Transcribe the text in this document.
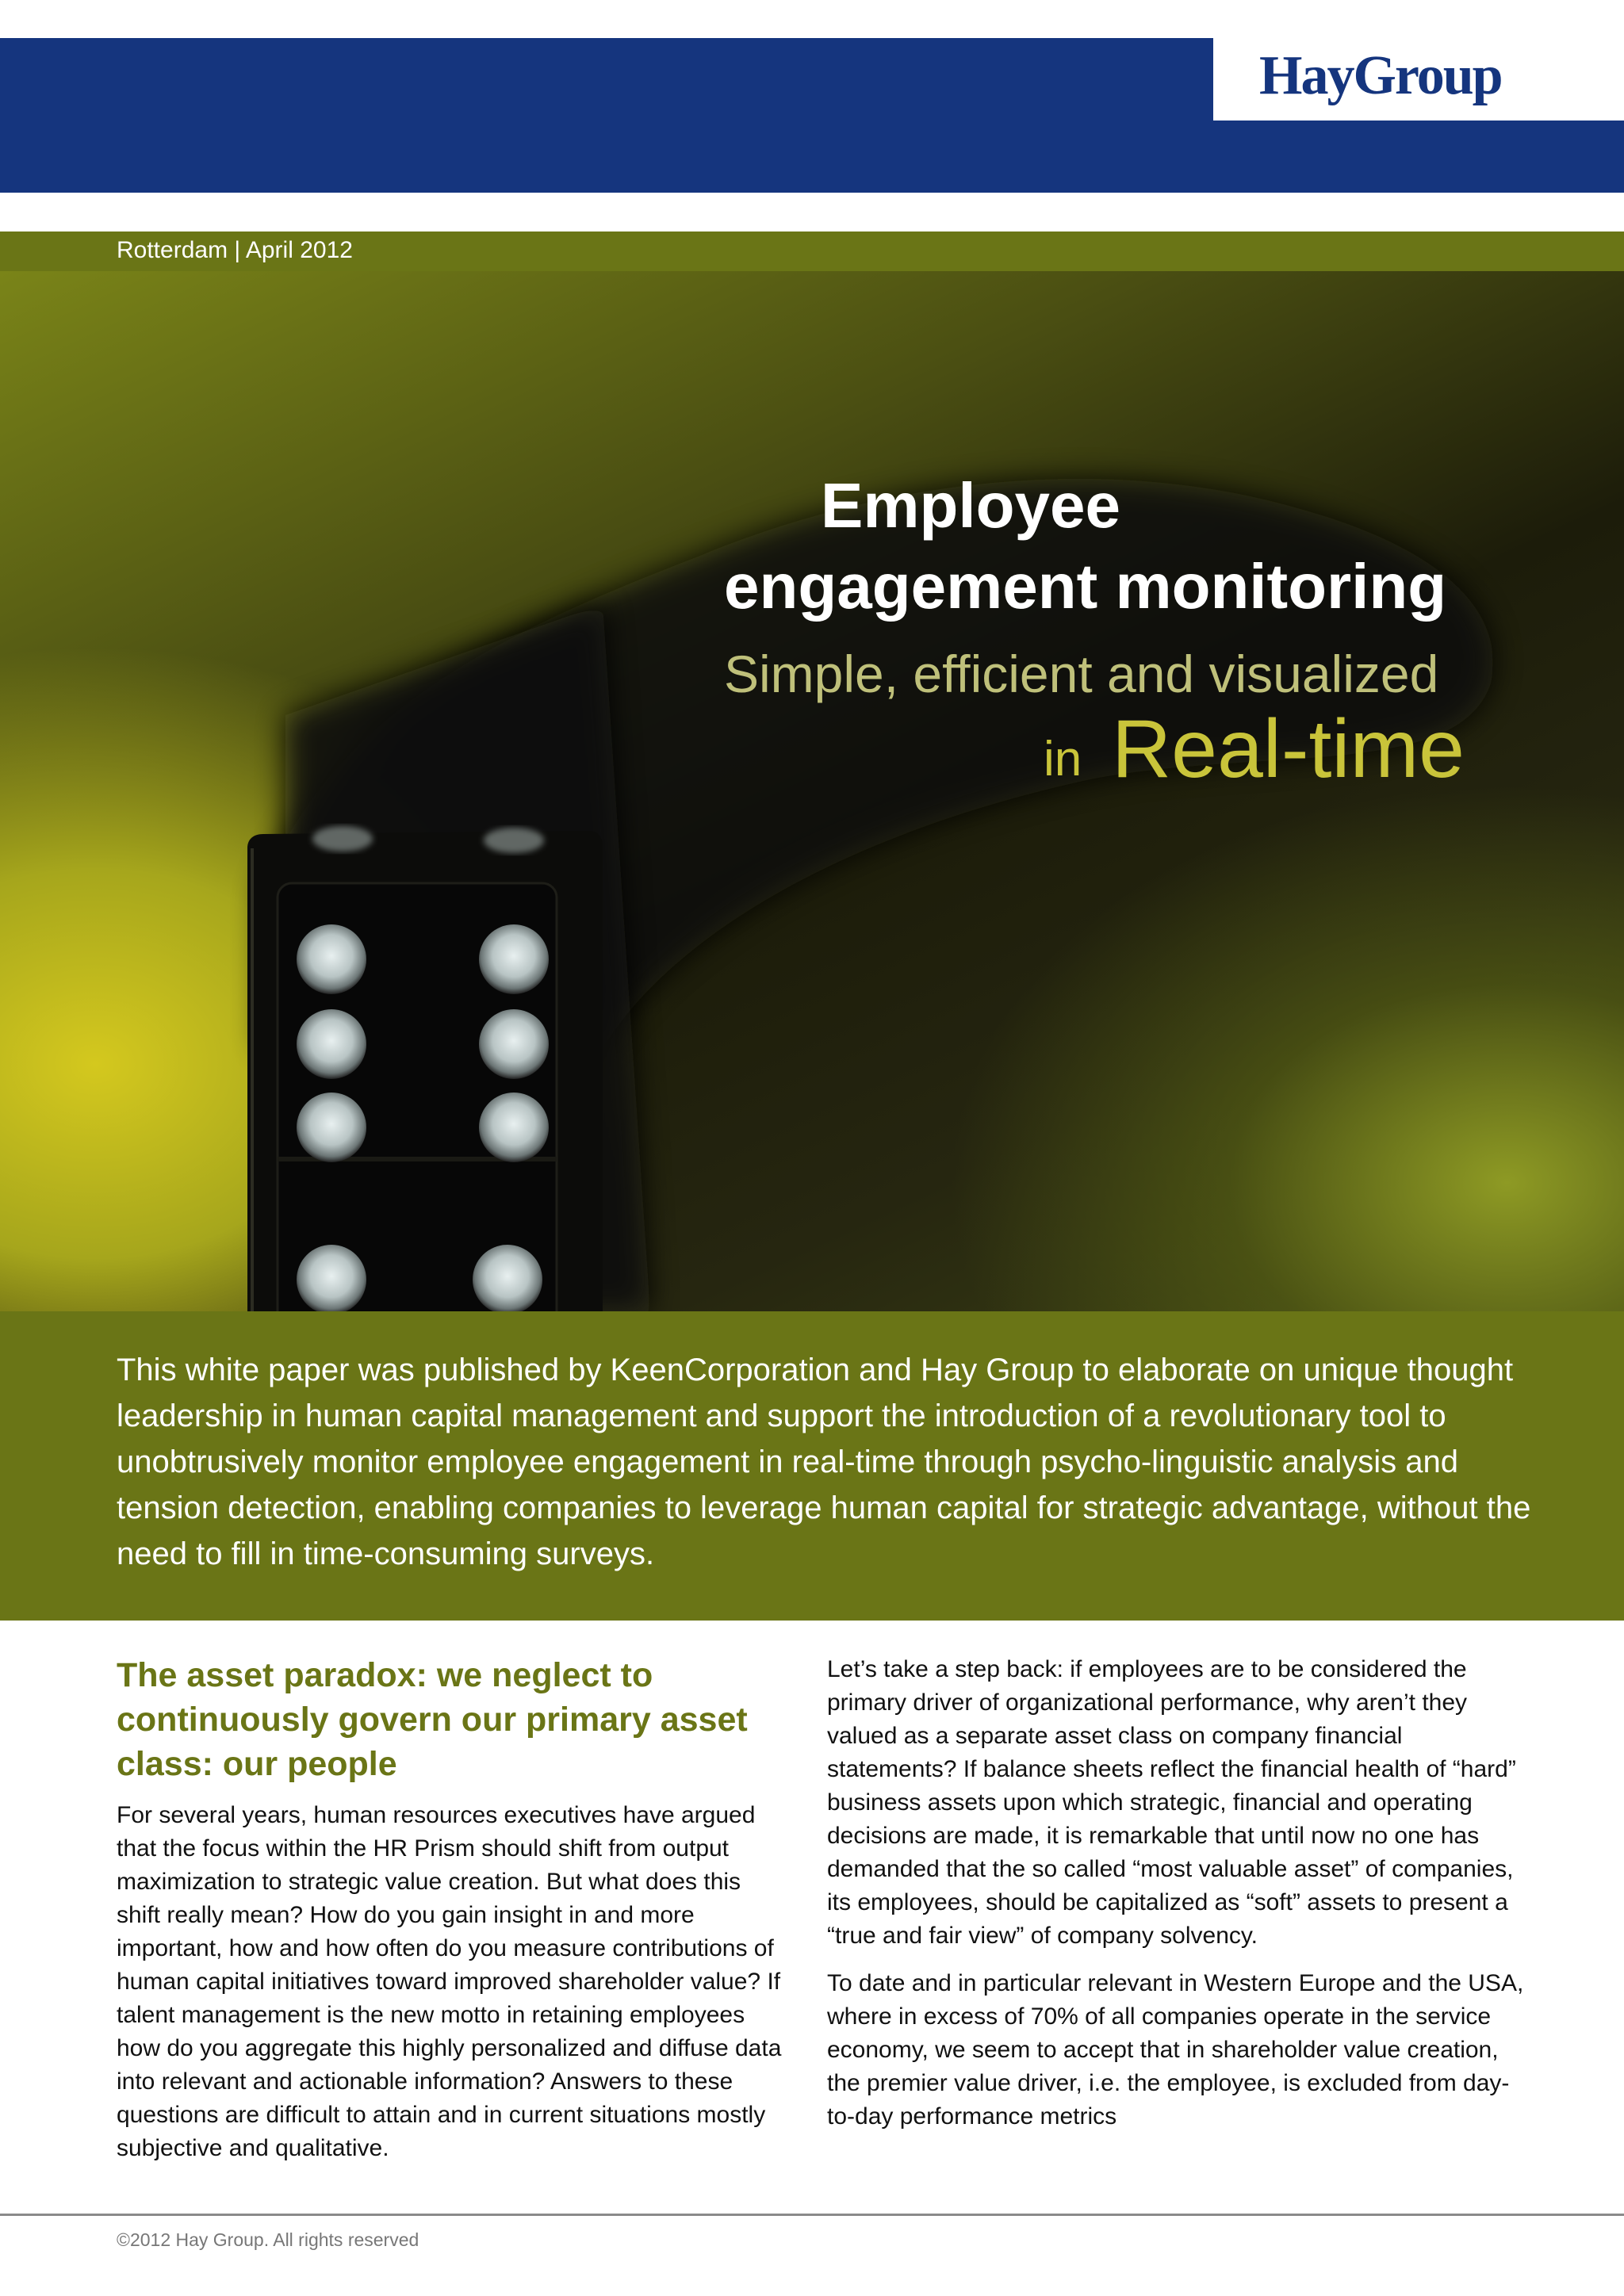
HayGroup
Rotterdam | April 2012
Employee
engagement monitoring
Simple, efficient and visualized
in Real-time

This white paper was published by KeenCorporation and Hay Group to elaborate on unique thought leadership in human capital management and support the introduction of a revolutionary tool to unobtrusively monitor employee engagement in real-time through psycho-linguistic analysis and tension detection, enabling companies to leverage human capital for strategic advantage, without the need to fill in time-consuming surveys.

The asset paradox: we neglect to continuously govern our primary asset class: our people

For several years, human resources executives have argued that the focus within the HR Prism should shift from output maximization to strategic value creation. But what does this shift really mean? How do you gain insight in and more important, how and how often do you measure contributions of human capital initiatives toward improved shareholder value? If talent management is the new motto in retaining employees how do you aggregate this highly personalized and diffuse data into relevant and actionable information? Answers to these questions are difficult to attain and in current situations mostly subjective and qualitative.

Let’s take a step back: if employees are to be considered the primary driver of organizational performance, why aren’t they valued as a separate asset class on company financial statements? If balance sheets reflect the financial health of “hard” business assets upon which strategic, financial and operating decisions are made, it is remarkable that until now no one has demanded that the so called “most valuable asset” of companies, its employees, should be capitalized as “soft” assets to present a “true and fair view” of company solvency.

To date and in particular relevant in Western Europe and the USA, where in excess of 70% of all companies operate in the service economy, we seem to accept that in shareholder value creation, the premier value driver, i.e. the employee, is excluded from day-to-day performance metrics

©2012 Hay Group. All rights reserved
